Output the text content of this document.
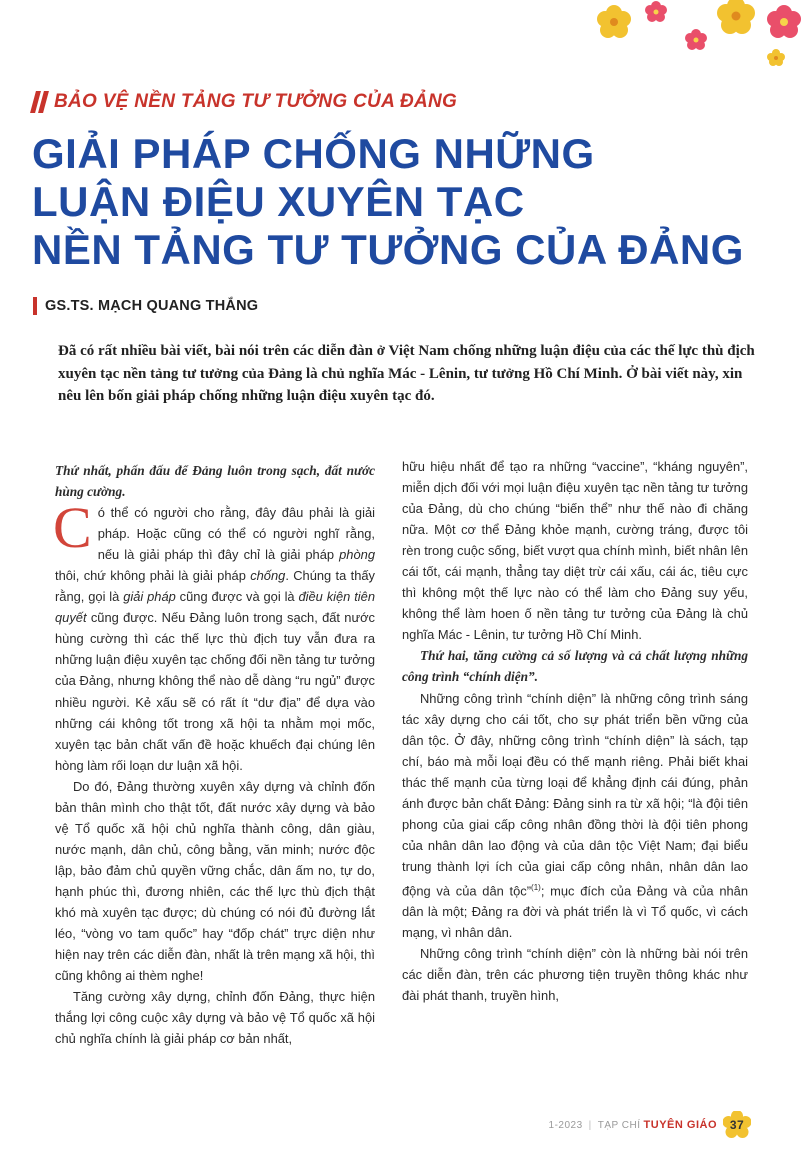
BẢO VỆ NỀN TẢNG TƯ TƯỞNG CỦA ĐẢNG
GIẢI PHÁP CHỐNG NHỮNG
LUẬN ĐIỆU XUYÊN TẠC
NỀN TẢNG TƯ TƯỞNG CỦA ĐẢNG
GS.TS. MẠCH QUANG THẮNG
Đã có rất nhiều bài viết, bài nói trên các diễn đàn ở Việt Nam chống những luận điệu của các thế lực thù địch xuyên tạc nền tảng tư tưởng của Đảng là chủ nghĩa Mác - Lênin, tư tưởng Hồ Chí Minh. Ở bài viết này, xin nêu lên bốn giải pháp chống những luận điệu xuyên tạc đó.

Thứ nhất, phấn đấu để Đảng luôn trong sạch, đất nước hùng cường.

Có thể có người cho rằng, đây đâu phải là giải pháp. Hoặc cũng có thể có người nghĩ rằng, nếu là giải pháp thì đây chỉ là giải pháp phòng thôi, chứ không phải là giải pháp chống. Chúng ta thấy rằng, gọi là giải pháp cũng được và gọi là điều kiện tiên quyết cũng được. Nếu Đảng luôn trong sạch, đất nước hùng cường thì các thế lực thù địch tuy vẫn đưa ra những luận điệu xuyên tạc chống đối nền tảng tư tưởng của Đảng, nhưng không thể nào dễ dàng “ru ngủ” được nhiều người. Kẻ xấu sẽ có rất ít “dư địa” để dựa vào những cái không tốt trong xã hội ta nhằm mọi mốc, xuyên tạc bản chất vấn đề hoặc khuếch đại chúng lên hòng làm rối loạn dư luận xã hội.

Do đó, Đảng thường xuyên xây dựng và chỉnh đốn bản thân mình cho thật tốt, đất nước xây dựng và bảo vệ Tổ quốc xã hội chủ nghĩa thành công, dân giàu, nước mạnh, dân chủ, công bằng, văn minh; nước độc lập, bảo đảm chủ quyền vững chắc, dân ấm no, tự do, hạnh phúc thì, đương nhiên, các thế lực thù địch thật khó mà xuyên tạc được; dù chúng có nói đủ đường lắt léo, “vòng vo tam quốc” hay “đốp chát” trực diện như hiện nay trên các diễn đàn, nhất là trên mạng xã hội, thì cũng không ai thèm nghe!

Tăng cường xây dựng, chỉnh đốn Đảng, thực hiện thắng lợi công cuộc xây dựng và bảo vệ Tổ quốc xã hội chủ nghĩa chính là giải pháp cơ bản nhất,

hữu hiệu nhất để tạo ra những “vaccine”, “kháng nguyên”, miễn dịch đối với mọi luận điệu xuyên tạc nền tảng tư tưởng của Đảng, dù cho chúng “biến thể” như thế nào đi chăng nữa. Một cơ thể Đảng khỏe mạnh, cường tráng, được tôi rèn trong cuộc sống, biết vượt qua chính mình, biết nhân lên cái tốt, cái mạnh, thẳng tay diệt trừ cái xấu, cái ác, tiêu cực thì không một thế lực nào có thể làm cho Đảng suy yếu, không thể làm hoen ố nền tảng tư tưởng của Đảng là chủ nghĩa Mác - Lênin, tư tưởng Hồ Chí Minh.

Thứ hai, tăng cường cả số lượng và cả chất lượng những công trình “chính diện”.

Những công trình “chính diện” là những công trình sáng tác xây dựng cho cái tốt, cho sự phát triển bền vững của dân tộc. Ở đây, những công trình “chính diện” là sách, tạp chí, báo mà mỗi loại đều có thế mạnh riêng. Phải biết khai thác thế mạnh của từng loại để khẳng định cái đúng, phản ánh được bản chất Đảng: Đảng sinh ra từ xã hội; “là đội tiên phong của giai cấp công nhân đồng thời là đội tiên phong của nhân dân lao động và của dân tộc Việt Nam; đại biểu trung thành lợi ích của giai cấp công nhân, nhân dân lao động và của dân tộc”$^{(1)}$; mục đích của Đảng và của nhân dân là một; Đảng ra đời và phát triển là vì Tổ quốc, vì cách mạng, vì nhân dân.

Những công trình “chính diện” còn là những bài nói trên các diễn đàn, trên các phương tiện truyền thông khác như đài phát thanh, truyền hình,

1-2023 | TẠP CHÍ TUYÊN GIÁO 37
